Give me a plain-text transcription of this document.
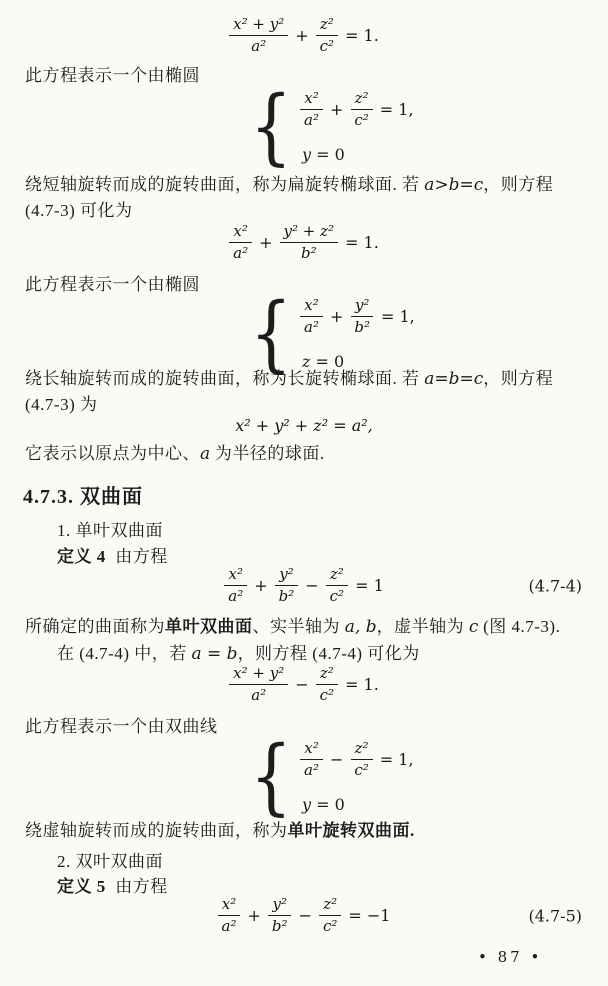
$\frac{\text{x² + y²}}{\text{a²}} + \frac{\text{z²}}{\text{c²}} = 1$.
此方程表示一个由椭圆
{ $\frac{\text{x²}}{\text{a²}} + \frac{\text{z²}}{\text{c²}} = 1$,
y = 0
绕短轴旋转而成的旋转曲面，称为扁旋转椭球面. 若 a>b=c，则方程 (4.7-3) 可化为
$\frac{\text{x²}}{\text{a²}} + \frac{\text{y² + z²}}{\text{b²}} = 1$.
此方程表示一个由椭圆
{ $\frac{\text{x²}}{\text{a²}} + \frac{\text{y²}}{\text{b²}} = 1$,
z = 0
绕长轴旋转而成的旋转曲面，称为长旋转椭球面. 若 a=b=c，则方程 (4.7-3) 为
x² + y² + z² = a²,
它表示以原点为中心、a 为半径的球面.
4.7.3. 双曲面
1. 单叶双曲面
定义 4 由方程
$\frac{\text{x²}}{\text{a²}} + \frac{\text{y²}}{\text{b²}} - \frac{\text{z²}}{\text{c²}} = 1$	(4.7-4)
所确定的曲面称为单叶双曲面、实半轴为 a, b，虚半轴为 c (图 4.7-3).
在 (4.7-4) 中，若 a = b，则方程 (4.7-4) 可化为
$\frac{\text{x² + y²}}{\text{a²}} - \frac{\text{z²}}{\text{c²}} = 1$.
此方程表示一个由双曲线
{ $\frac{\text{x²}}{\text{a²}} - \frac{\text{z²}}{\text{c²}} = 1$,
y = 0
绕虚轴旋转而成的旋转曲面，称为单叶旋转双曲面.
2. 双叶双曲面
定义 5 由方程
$\frac{\text{x²}}{\text{a²}} + \frac{\text{y²}}{\text{b²}} - \frac{\text{z²}}{\text{c²}} = -1$	(4.7-5)
• 87 •
